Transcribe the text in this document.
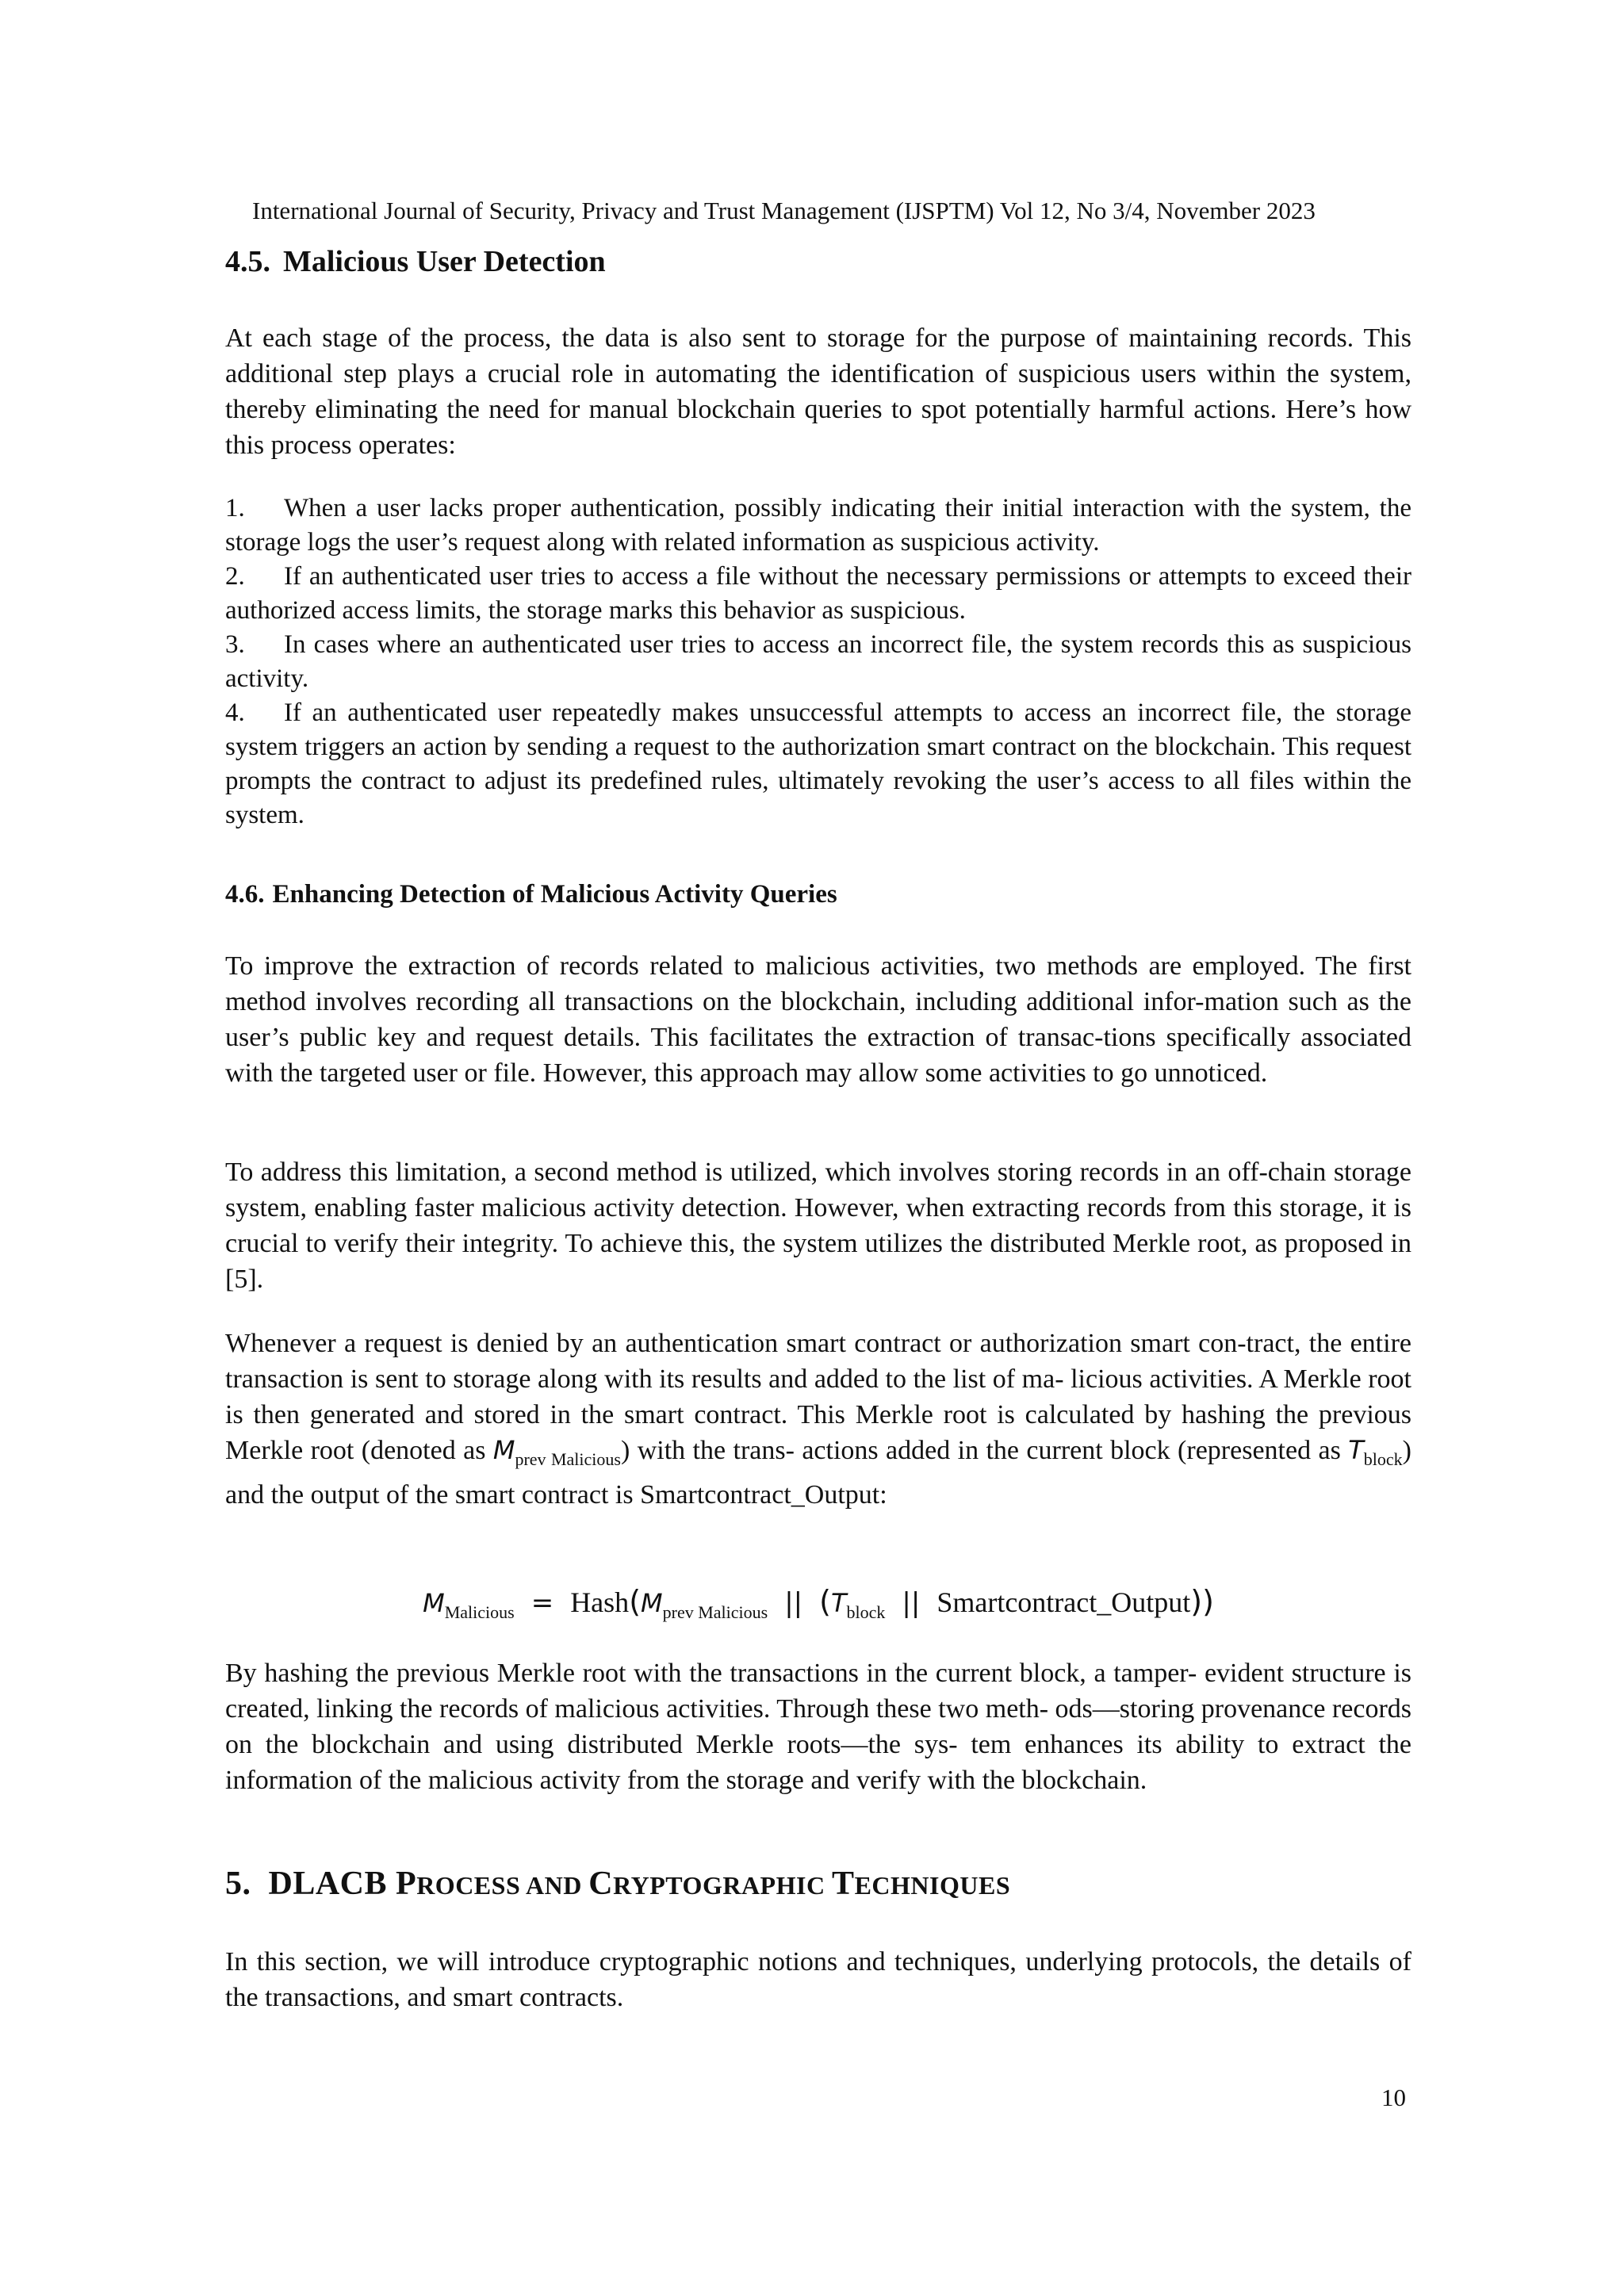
International Journal of Security, Privacy and Trust Management (IJSPTM) Vol 12, No 3/4, November 2023
4.5. Malicious User Detection

At each stage of the process, the data is also sent to storage for the purpose of maintaining records. This additional step plays a crucial role in automating the identification of suspicious users within the system, thereby eliminating the need for manual blockchain queries to spot potentially harmful actions. Here’s how this process operates:

1. When a user lacks proper authentication, possibly indicating their initial interaction with the system, the storage logs the user’s request along with related information as suspicious activity.

2. If an authenticated user tries to access a file without the necessary permissions or attempts to exceed their authorized access limits, the storage marks this behavior as suspicious.

3. In cases where an authenticated user tries to access an incorrect file, the system records this as suspicious activity.

4. If an authenticated user repeatedly makes unsuccessful attempts to access an incorrect file, the storage system triggers an action by sending a request to the authorization smart contract on the blockchain. This request prompts the contract to adjust its predefined rules, ultimately revoking the user’s access to all files within the system.

4.6. Enhancing Detection of Malicious Activity Queries

To improve the extraction of records related to malicious activities, two methods are employed. The first method involves recording all transactions on the blockchain, including additional infor-mation such as the user’s public key and request details. This facilitates the extraction of transac-tions specifically associated with the targeted user or file. However, this approach may allow some activities to go unnoticed.

To address this limitation, a second method is utilized, which involves storing records in an off-chain storage system, enabling faster malicious activity detection. However, when extracting records from this storage, it is crucial to verify their integrity. To achieve this, the system utilizes the distributed Merkle root, as proposed in [5].

Whenever a request is denied by an authentication smart contract or authorization smart con-tract, the entire transaction is sent to storage along with its results and added to the list of ma- licious activities. A Merkle root is then generated and stored in the smart contract. This Merkle root is calculated by hashing the previous Merkle root (denoted as $M_{prev Malicious}$) with the trans- actions added in the current block (represented as $T_{block}$) and the output of the smart contract is Smartcontract_Output:

$M_{Malicious}$ = $Hash(M_{prev Malicious}$ || ($T_{block}$ || Smartcontract_Output))

By hashing the previous Merkle root with the transactions in the current block, a tamper- evident structure is created, linking the records of malicious activities. Through these two meth- ods—storing provenance records on the blockchain and using distributed Merkle roots—the sys- tem enhances its ability to extract the information of the malicious activity from the storage and verify with the blockchain.

5. DLACB PROCESS AND CRYPTOGRAPHIC TECHNIQUES

In this section, we will introduce cryptographic notions and techniques, underlying protocols, the details of the transactions, and smart contracts.

10
